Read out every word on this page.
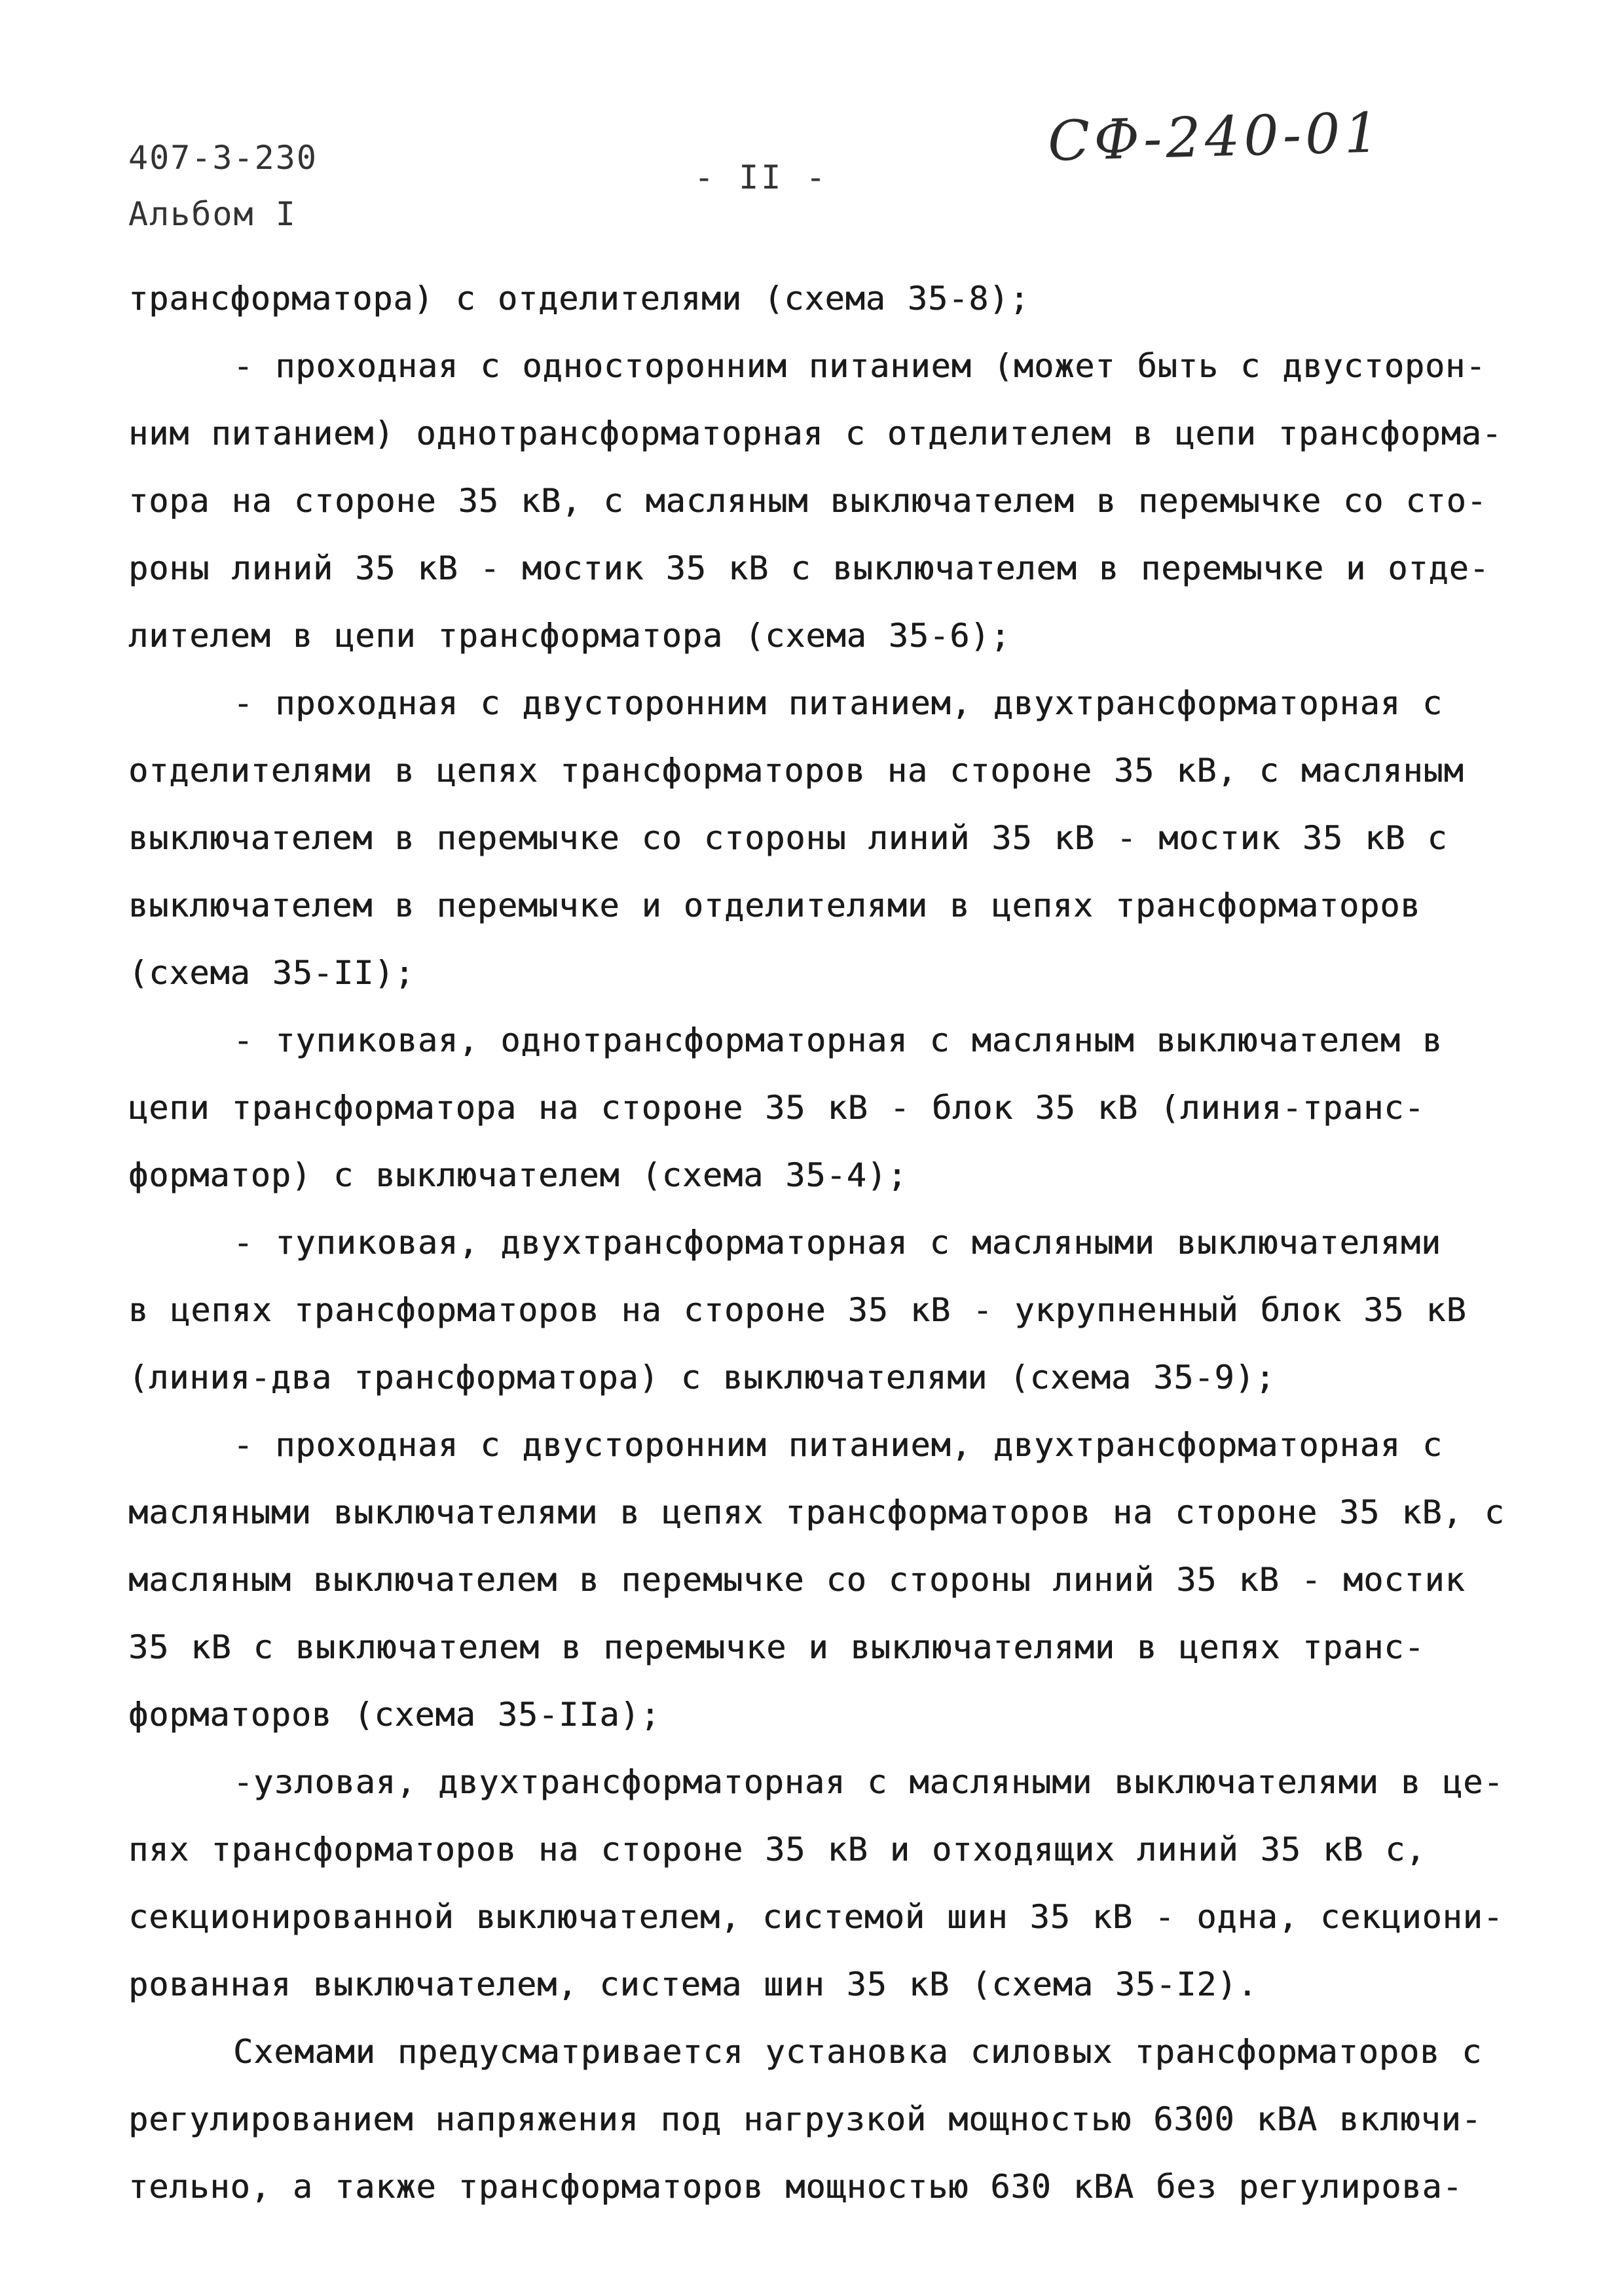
407-3-230
Альбом I
- II -
СФ-240-01
трансформатора) с отделителями (схема 35-8);
- проходная с односторонним питанием (может быть с двусторон-
ним питанием) однотрансформаторная с отделителем в цепи трансформа-
тора на стороне 35 кВ, с масляным выключателем в перемычке со сто-
роны линий 35 кВ - мостик 35 кВ с выключателем в перемычке и отде-
лителем в цепи трансформатора (схема 35-6);
- проходная с двусторонним питанием, двухтрансформаторная с
отделителями в цепях трансформаторов на стороне 35 кВ, с масляным
выключателем в перемычке со стороны линий 35 кВ - мостик 35 кВ с
выключателем в перемычке и отделителями в цепях трансформаторов
(схема 35-II);
- тупиковая, однотрансформаторная с масляным выключателем в
цепи трансформатора на стороне 35 кВ - блок 35 кВ (линия-транс-
форматор) с выключателем (схема 35-4);
- тупиковая, двухтрансформаторная с масляными выключателями
в цепях трансформаторов на стороне 35 кВ - укрупненный блок 35 кВ
(линия-два трансформатора) с выключателями (схема 35-9);
- проходная с двусторонним питанием, двухтрансформаторная с
масляными выключателями в цепях трансформаторов на стороне 35 кВ, с
масляным выключателем в перемычке со стороны линий 35 кВ - мостик
35 кВ с выключателем в перемычке и выключателями в цепях транс-
форматоров (схема 35-IIа);
-узловая, двухтрансформаторная с масляными выключателями в це-
пях трансформаторов на стороне 35 кВ и отходящих линий 35 кВ с,
секционированной выключателем, системой шин 35 кВ - одна, секциони-
рованная выключателем, система шин 35 кВ (схема 35-I2).
Схемами предусматривается установка силовых трансформаторов с
регулированием напряжения под нагрузкой мощностью 6300 кВА включи-
тельно, а также трансформаторов мощностью 630 кВА без регулирова-
